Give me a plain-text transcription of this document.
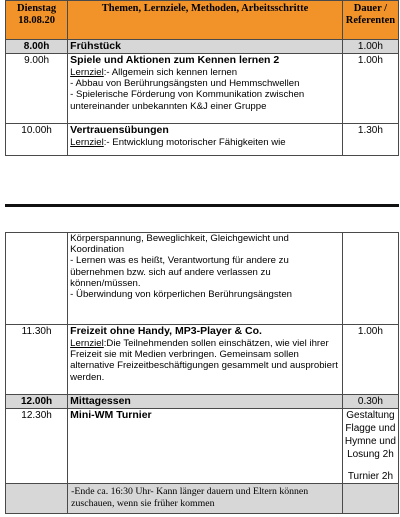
Dienstag
18.08.20	Themen, Lernziele, Methoden, Arbeitsschritte	Dauer / Referenten
8.00h	Frühstück	1.00h
9.00h	Spiele und Aktionen zum Kennen lernen 2
Lernziel:- Allgemein sich kennen lernen
- Abbau von Berührungsängsten und Hemmschwellen
- Spielerische Förderung von Kommunikation zwischen untereinander unbekannten K&J einer Gruppe	1.00h
10.00h	Vertrauensübungen
Lernziel:- Entwicklung motorischer Fähigkeiten wie	1.30h

	Körperspannung, Beweglichkeit, Gleichgewicht und Koordination
- Lernen was es heißt, Verantwortung für andere zu übernehmen bzw. sich auf andere verlassen zu können/müssen.
- Überwindung von körperlichen Berührungsängsten	

11.30h	Freizeit ohne Handy, MP3-Player & Co.
Lernziel:Die Teilnehmenden sollen einschätzen, wie viel ihrer Freizeit sie mit Medien verbringen. Gemeinsam sollen alternative Freizeitbeschäftigungen gesammelt und ausprobiert werden.	1.00h
12.00h	Mittagessen	0.30h
12.30h	Mini-WM Turnier	Gestaltung Flagge und Hymne und Losung 2h
Turnier 2h

	-Ende ca. 16:30 Uhr- Kann länger dauern und Eltern können zuschauen, wenn sie früher kommen	
